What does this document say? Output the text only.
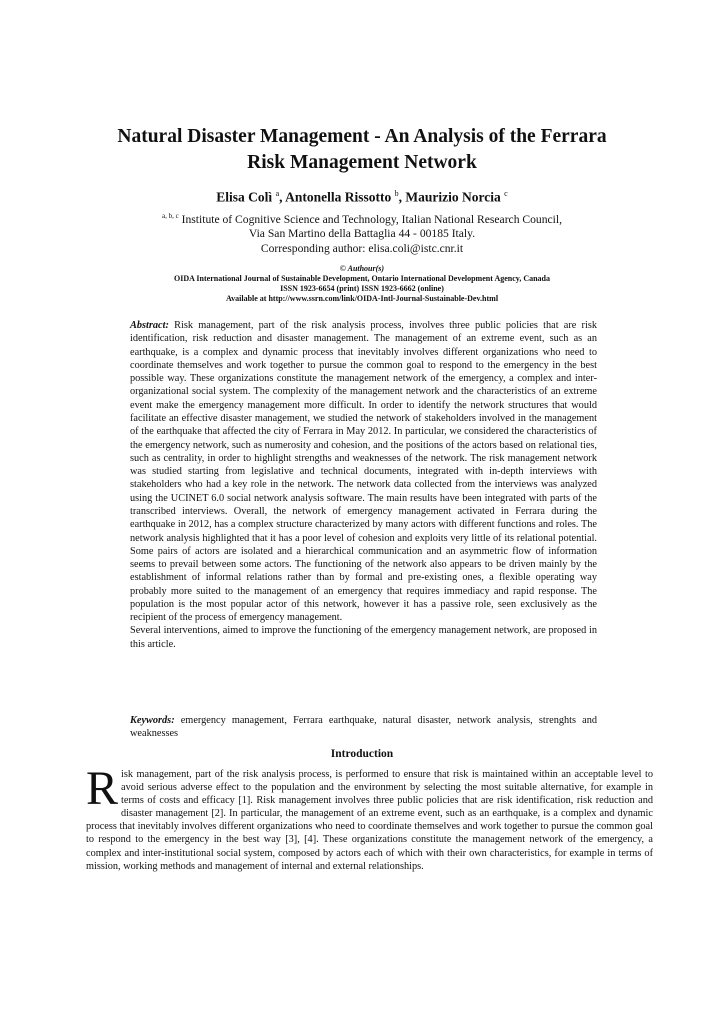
Natural Disaster Management - An Analysis of the Ferrara
Risk Management Network
Elisa Colì $^a$, Antonella Rissotto $^b$, Maurizio Norcia $^c$
$^{a, b, c}$ Institute of Cognitive Science and Technology, Italian National Research Council,
Via San Martino della Battaglia 44 - 00185 Italy.
Corresponding author: elisa.coli@istc.cnr.it
© Authour(s)
OIDA International Journal of Sustainable Development, Ontario International Development Agency, Canada
ISSN 1923-6654 (print) ISSN 1923-6662 (online)
Available at http://www.ssrn.com/link/OIDA-Intl-Journal-Sustainable-Dev.html

Abstract: Risk management, part of the risk analysis process, involves three public policies that are risk identification, risk reduction and disaster management. The management of an extreme event, such as an earthquake, is a complex and dynamic process that inevitably involves different organizations who need to coordinate themselves and work together to pursue the common goal to respond to the emergency in the best possible way. These organizations constitute the management network of the emergency, a complex and inter-organizational social system. The complexity of the management network and the characteristics of an extreme event make the emergency management more difficult. In order to identify the network structures that would facilitate an effective disaster management, we studied the network of stakeholders involved in the management of the earthquake that affected the city of Ferrara in May 2012. In particular, we considered the characteristics of the emergency network, such as numerosity and cohesion, and the positions of the actors based on relational ties, such as centrality, in order to highlight strengths and weaknesses of the network. The risk management network was studied starting from legislative and technical documents, integrated with in-depth interviews with stakeholders who had a key role in the network. The network data collected from the interviews was analyzed using the UCINET 6.0 social network analysis software. The main results have been integrated with parts of the transcribed interviews. Overall, the network of emergency management activated in Ferrara during the earthquake in 2012, has a complex structure characterized by many actors with different functions and roles. The network analysis highlighted that it has a poor level of cohesion and exploits very little of its relational potential. Some pairs of actors are isolated and a hierarchical communication and an asymmetric flow of information seems to prevail between some actors. The functioning of the network also appears to be driven mainly by the establishment of informal relations rather than by formal and pre-existing ones, a flexible operating way probably more suited to the management of an emergency that requires immediacy and rapid response. The population is the most popular actor of this network, however it has a passive role, seen exclusively as the recipient of the process of emergency management.

Several interventions, aimed to improve the functioning of the emergency management network, are proposed in this article.

Keywords: emergency management, Ferrara earthquake, natural disaster, network analysis, strenghts and weaknesses
Introduction

Risk management, part of the risk analysis process, is performed to ensure that risk is maintained within an acceptable level to avoid serious adverse effect to the population and the environment by selecting the most suitable alternative, for example in terms of costs and efficacy [1]. Risk management involves three public policies that are risk identification, risk reduction and disaster management [2]. In particular, the management of an extreme event, such as an earthquake, is a complex and dynamic process that inevitably involves different organizations who need to coordinate themselves and work together to pursue the common goal to respond to the emergency in the best way [3], [4]. These organizations constitute the management network of the emergency, a complex and inter-institutional social system, composed by actors each of which with their own characteristics, for example in terms of mission, working methods and management of internal and external relationships.
